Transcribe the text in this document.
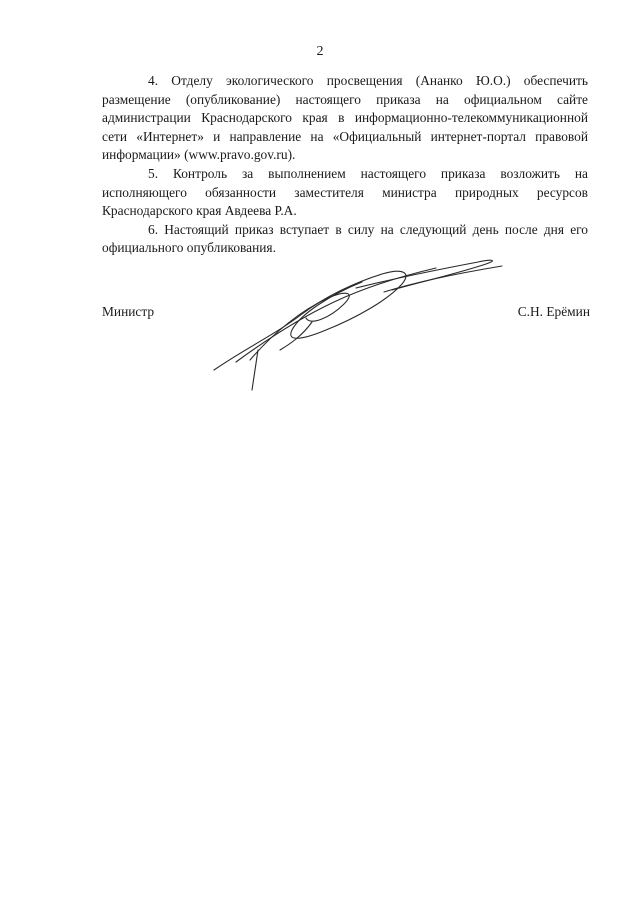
2

4. Отделу экологического просвещения (Ананко Ю.О.) обеспечить размещение (опубликование) настоящего приказа на официальном сайте администрации Краснодарского края в информационно-телекоммуникационной сети «Интернет» и направление на «Официальный интернет-портал правовой информации» (www.pravo.gov.ru).

5. Контроль за выполнением настоящего приказа возложить на исполняющего обязанности заместителя министра природных ресурсов Краснодарского края Авдеева Р.А.

6. Настоящий приказ вступает в силу на следующий день после дня его официального опубликования.

Министр	С.Н. Ерёмин
